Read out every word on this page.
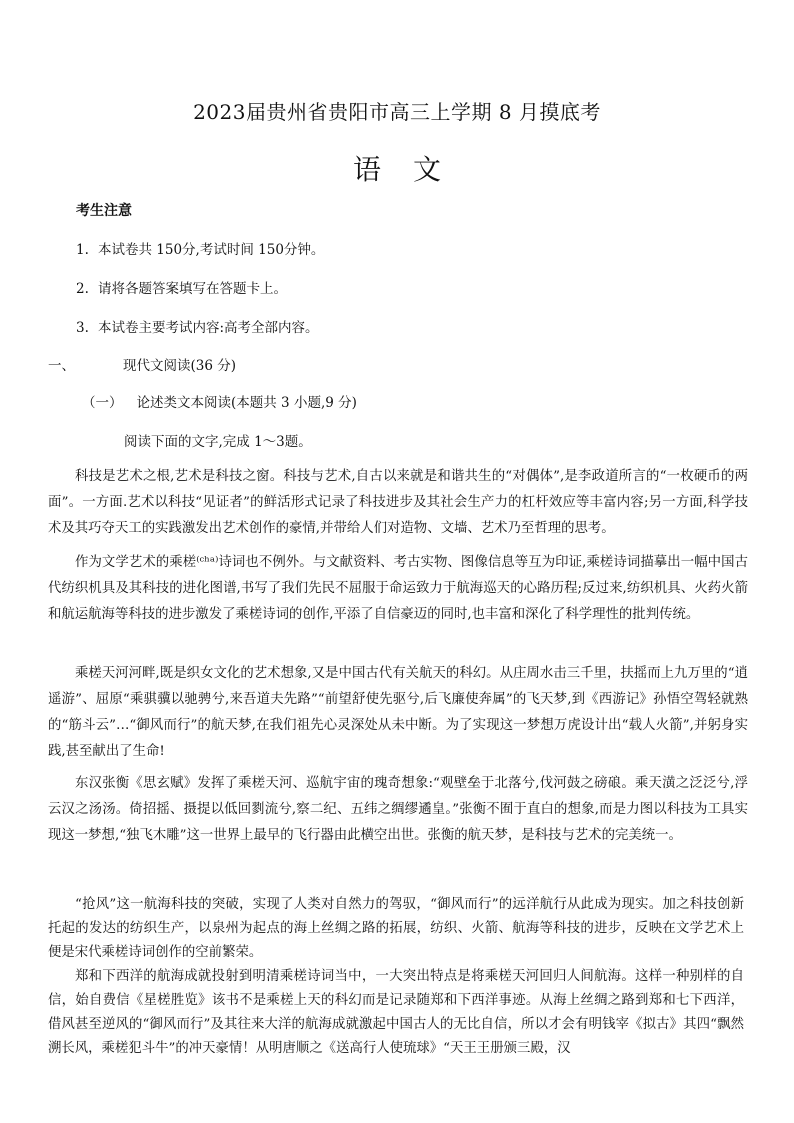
2023届贵州省贵阳市高三上学期 8 月摸底考
语 文
考生注意
1. 本试卷共 150分,考试时间 150分钟。
2. 请将各题答案填写在答题卡上。
3. 本试卷主要考试内容:高考全部内容。
一、	现代文阅读(36 分)
（一） 论述类文本阅读(本题共 3 小题,9 分)
阅读下面的文字,完成 1～3题。

科技是艺术之根,艺术是科技之窗。科技与艺术,自古以来就是和谐共生的“对偶体”,是李政道所言的“一枚硬币的两面”。一方面.艺术以科技“见证者”的鲜活形式记录了科技进步及其社会生产力的杠杆效应等丰富内容;另一方面,科学技术及其巧夺天工的实践激发出艺术创作的豪情,并带给人们对造物、文墙、艺术乃至哲理的思考。

作为文学艺术的乘槎⁽ᶜʰᵃ⁾诗词也不例外。与文献资料、考古实物、图像信息等互为印证,乘槎诗词描摹出一幅中国古代纺织机具及其科技的进化图谱,书写了我们先民不屈服于命运致力于航海巡天的心路历程;反过来,纺织机具、火药火箭和航运航海等科技的进步激发了乘槎诗词的创作,平添了自信豪迈的同时,也丰富和深化了科学理性的批判传统。

乘槎天河河畔,既是织女文化的艺术想象,又是中国古代有关航天的科幻。从庄周水击三千里，扶摇而上九万里的“逍遥游”、屈原“乘骐骥以驰骋兮,来吾道夫先路”“前望舒使先驱兮,后飞廉使奔属”的飞天梦,到《西游记》孙悟空驾轻就熟的“筋斗云”…“御风而行”的航天梦,在我们祖先心灵深处从未中断。为了实现这一梦想万虎设计出“载人火箭”,并躬身实践,甚至献出了生命!

东汉张衡《思玄赋》发挥了乘槎天河、巡航宇宙的瑰奇想象:“观壁垒于北落兮,伐河鼓之磅硠。乘天潢之泛泛兮,浮云汉之汤汤。倚招摇、摄提以低回剹流兮,察二纪、五纬之绸缪遹皇。”张衡不囿于直白的想象,而是力图以科技为工具实现这一梦想,“独飞木雕”这一世界上最早的飞行器由此横空出世。张衡的航天梦，是科技与艺术的完美统一。

“抢风”这一航海科技的突破，实现了人类对自然力的驾驭，“御风而行”的远洋航行从此成为现实。加之科技创新托起的发达的纺织生产，以泉州为起点的海上丝绸之路的拓展，纺织、火箭、航海等科技的进步，反映在文学艺术上便是宋代乘槎诗词创作的空前繁荣。

郑和下西洋的航海成就投射到明清乘槎诗词当中，一大突出特点是将乘槎天河回归人间航海。这样一种别样的自信，始自费信《星槎胜览》该书不是乘槎上天的科幻而是记录随郑和下西洋事迹。从海上丝绸之路到郑和七下西洋，借风甚至逆风的“御风而行”及其往来大洋的航海成就激起中国古人的无比自信，所以才会有明钱宰《拟古》其四“飘然溯长风，乘槎犯斗牛”的冲天豪情！从明唐顺之《送高行人使琉球》“天王王册颁三殿，汉
